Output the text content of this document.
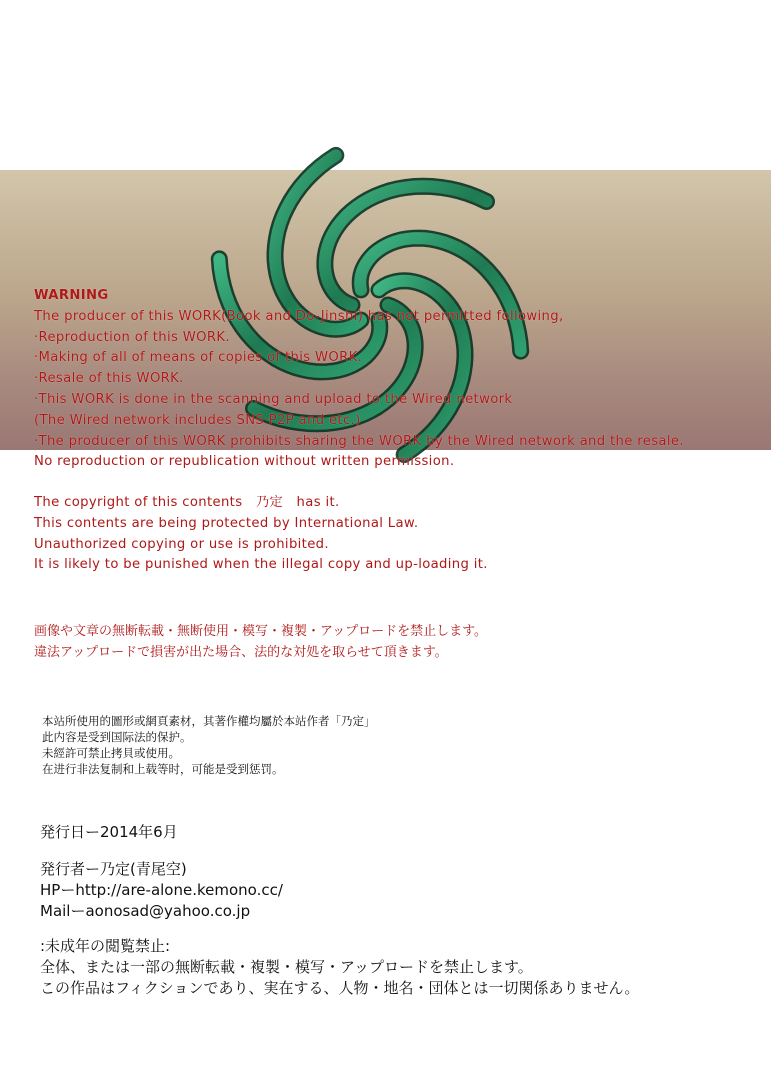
WARNING
The producer of this WORK(Book and Do-Jinshi) has not permitted following,
·Reproduction of this WORK.
·Making of all of means of copies of this WORK.
·Resale of this WORK.
·This WORK is done in the scanning and upload to the Wired network
(The Wired network includes SNS·P2P and etc.)
·The producer of this WORK prohibits sharing the WORK by the Wired network and the resale.
No reproduction or republication without written permission.
The copyright of this contents　乃定　has it.
This contents are being protected by International Law.
Unauthorized copying or use is prohibited.
It is likely to be punished when the illegal copy and up-loading it.
画像や文章の無断転載・無断使用・模写・複製・アップロードを禁止します。
違法アップロードで損害が出た場合、法的な対処を取らせて頂きます。
本站所使用的圖形或網頁素材，其著作權均屬於本站作者「乃定」
此内容是受到国际法的保护。
未經許可禁止拷貝或使用。
在进行非法复制和上载等时，可能是受到惩罚。
発行日ー2014年6月
発行者ー乃定(青尾空)
HPーhttp://are-alone.kemono.cc/
Mailーaonosad@yahoo.co.jp
:未成年の閲覧禁止:
全体、または一部の無断転載・複製・模写・アップロードを禁止します。
この作品はフィクションであり、実在する、人物・地名・団体とは一切関係ありません。
